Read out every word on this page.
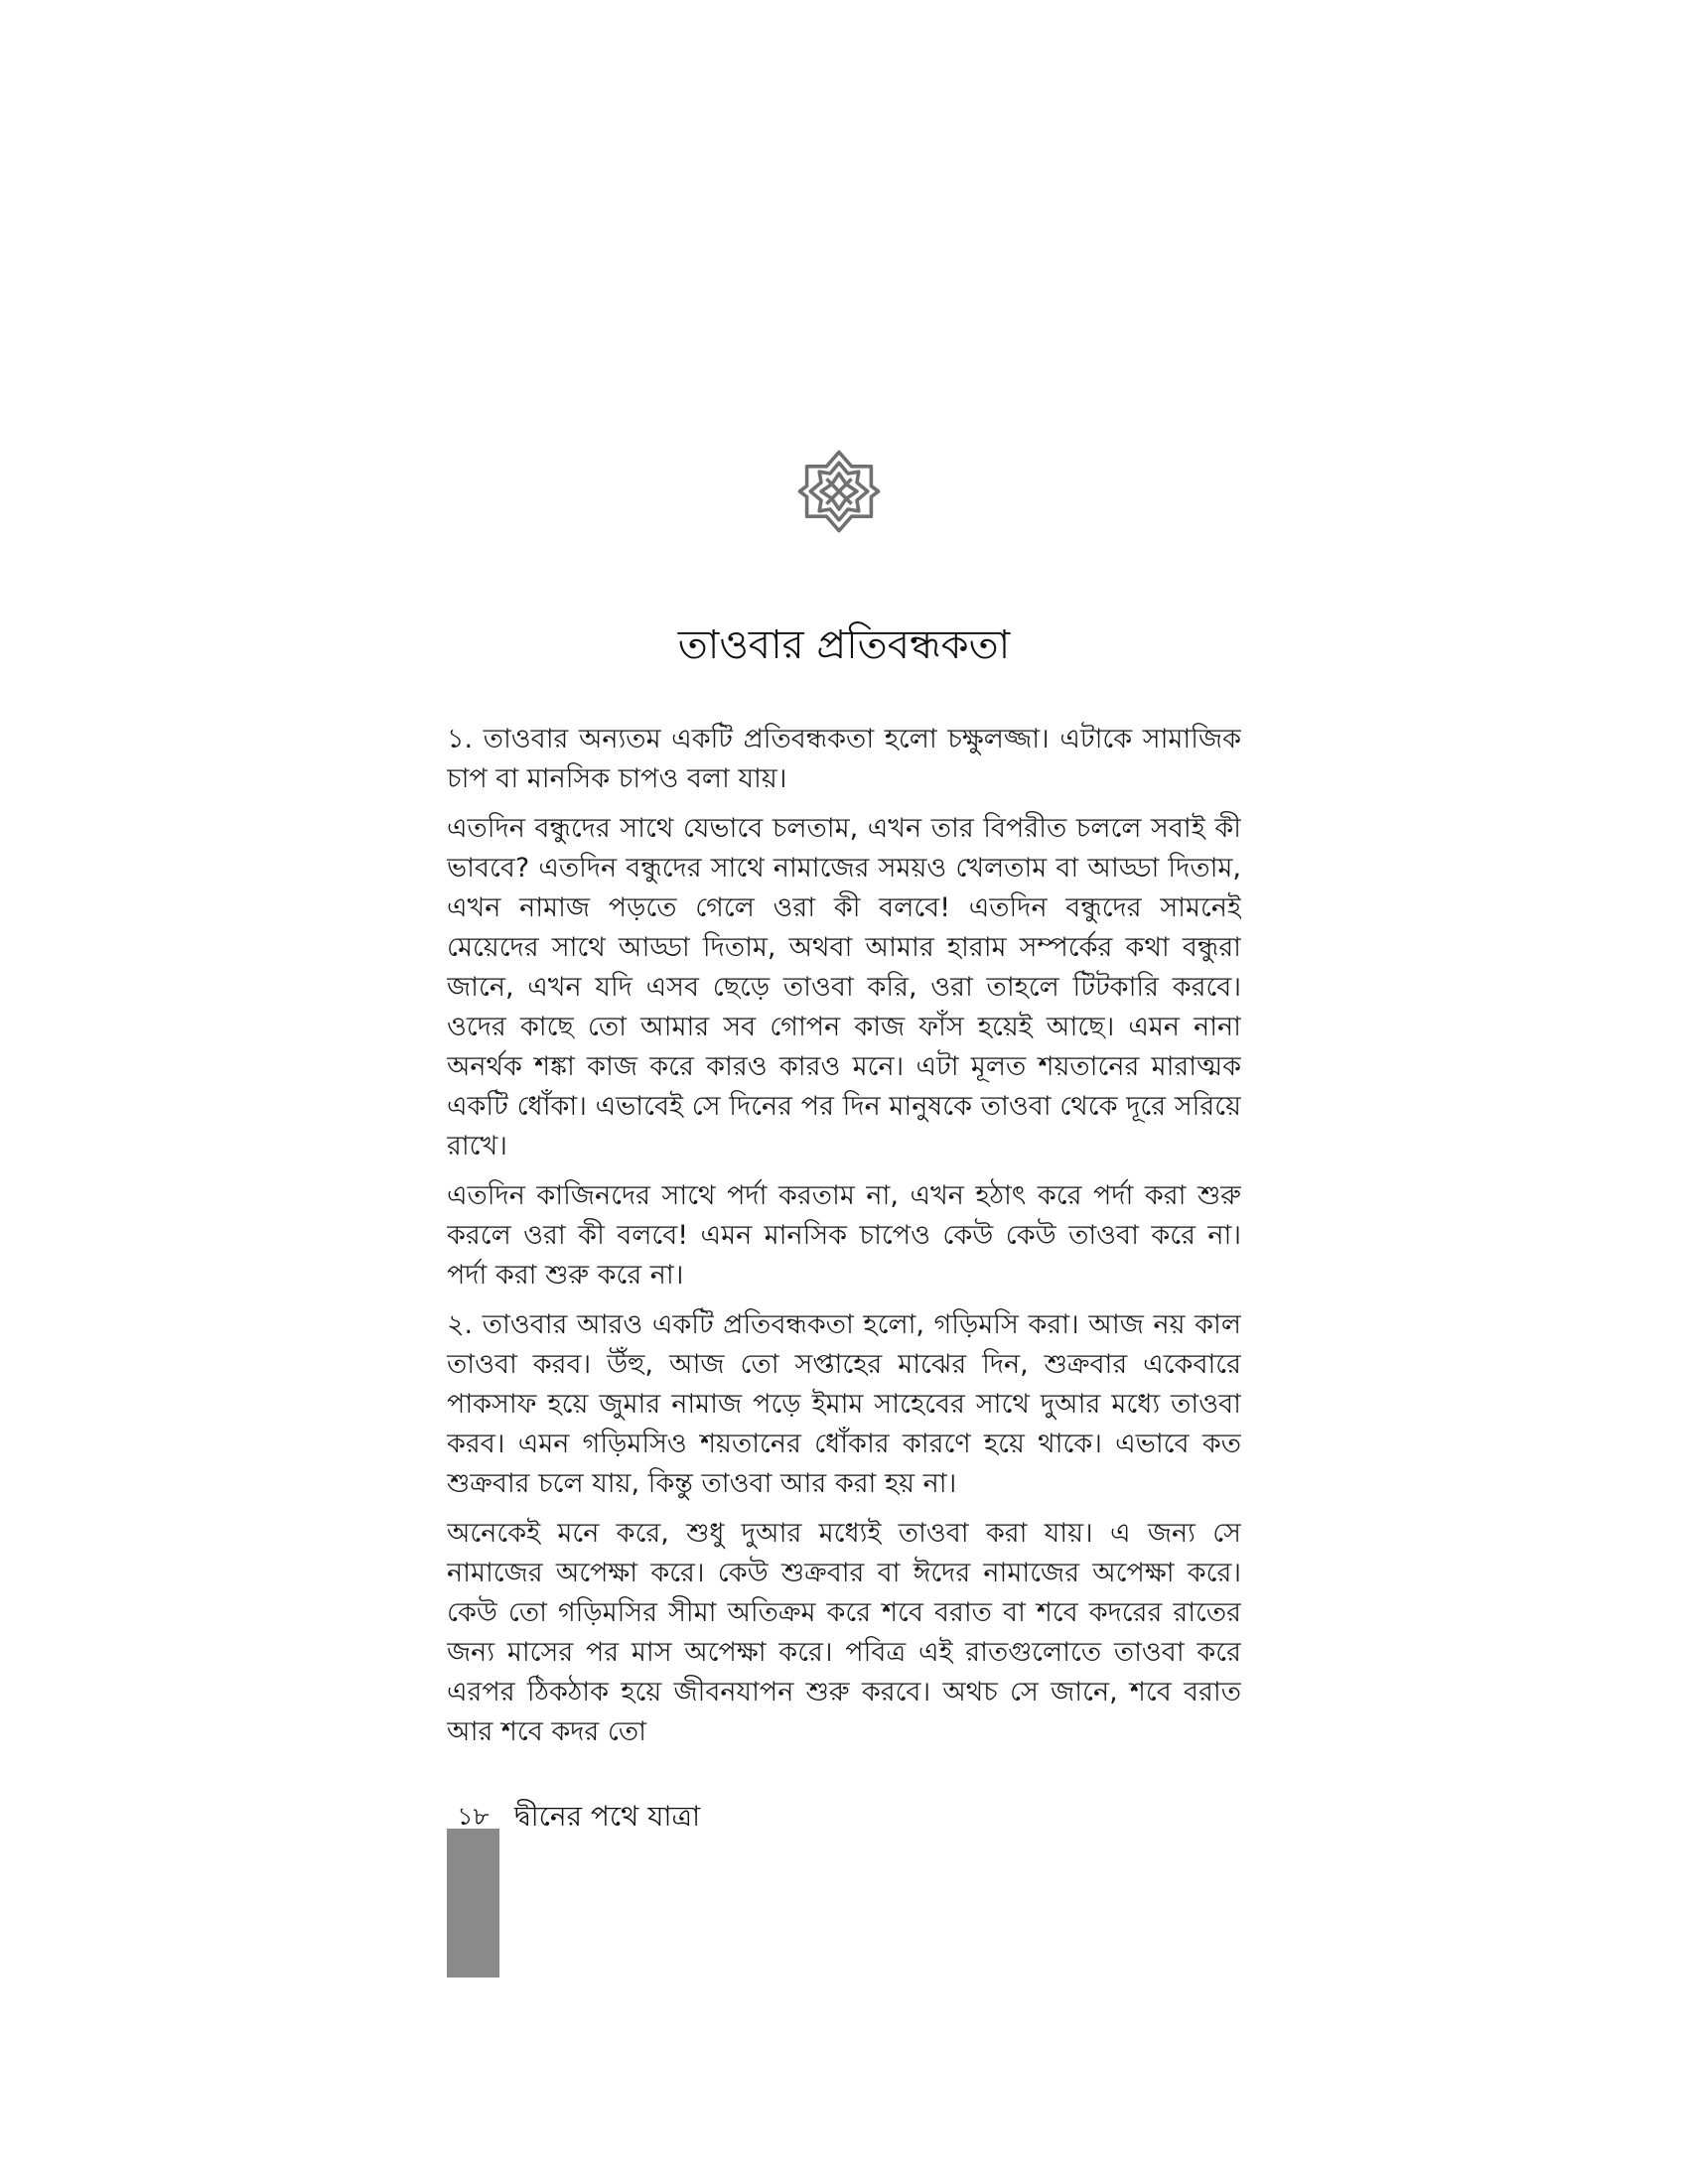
তাওবার প্রতিবন্ধকতা

১. তাওবার অন্যতম একটি প্রতিবন্ধকতা হলো চক্ষুলজ্জা। এটাকে সামাজিক চাপ বা মানসিক চাপও বলা যায়।

এতদিন বন্ধুদের সাথে যেভাবে চলতাম, এখন তার বিপরীত চললে সবাই কী ভাববে? এতদিন বন্ধুদের সাথে নামাজের সময়ও খেলতাম বা আড্ডা দিতাম, এখন নামাজ পড়তে গেলে ওরা কী বলবে! এতদিন বন্ধুদের সামনেই মেয়েদের সাথে আড্ডা দিতাম, অথবা আমার হারাম সম্পর্কের কথা বন্ধুরা জানে, এখন যদি এসব ছেড়ে তাওবা করি, ওরা তাহলে টিটকারি করবে। ওদের কাছে তো আমার সব গোপন কাজ ফাঁস হয়েই আছে। এমন নানা অনর্থক শঙ্কা কাজ করে কারও কারও মনে। এটা মূলত শয়তানের মারাত্মক একটি ধোঁকা। এভাবেই সে দিনের পর দিন মানুষকে তাওবা থেকে দূরে সরিয়ে রাখে।

এতদিন কাজিনদের সাথে পর্দা করতাম না, এখন হঠাৎ করে পর্দা করা শুরু করলে ওরা কী বলবে! এমন মানসিক চাপেও কেউ কেউ তাওবা করে না। পর্দা করা শুরু করে না।

২. তাওবার আরও একটি প্রতিবন্ধকতা হলো, গড়িমসি করা। আজ নয় কাল তাওবা করব। উঁহু, আজ তো সপ্তাহের মাঝের দিন, শুক্রবার একেবারে পাকসাফ হয়ে জুমার নামাজ পড়ে ইমাম সাহেবের সাথে দুআর মধ্যে তাওবা করব। এমন গড়িমসিও শয়তানের ধোঁকার কারণে হয়ে থাকে। এভাবে কত শুক্রবার চলে যায়, কিন্তু তাওবা আর করা হয় না।

অনেকেই মনে করে, শুধু দুআর মধ্যেই তাওবা করা যায়। এ জন্য সে নামাজের অপেক্ষা করে। কেউ শুক্রবার বা ঈদের নামাজের অপেক্ষা করে। কেউ তো গড়িমসির সীমা অতিক্রম করে শবে বরাত বা শবে কদরের রাতের জন্য মাসের পর মাস অপেক্ষা করে। পবিত্র এই রাতগুলোতে তাওবা করে এরপর ঠিকঠাক হয়ে জীবনযাপন শুরু করবে। অথচ সে জানে, শবে বরাত আর শবে কদর তো

১৮ দ্বীনের পথে যাত্রা
